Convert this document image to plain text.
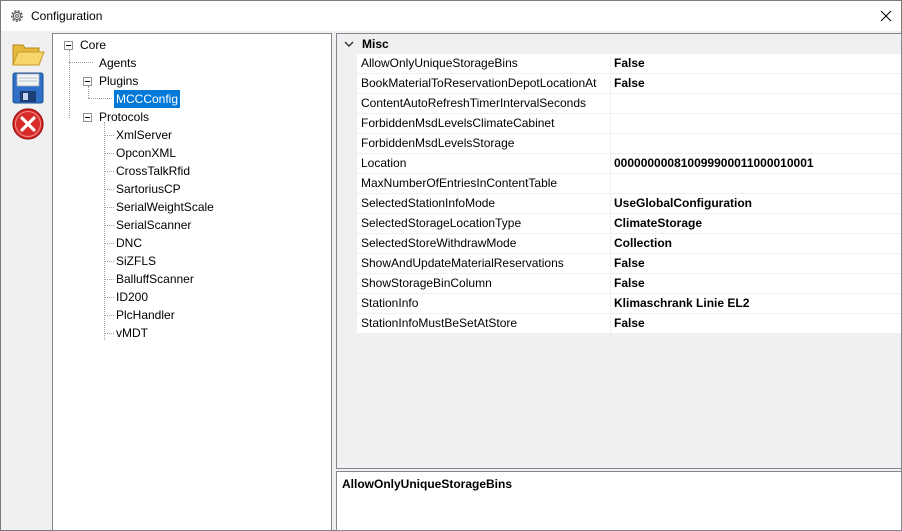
Configuration
Core
Agents
Plugins
MCCConfig
Protocols
XmlServer
OpconXML
CrossTalkRfid
SartoriusCP
SerialWeightScale
SerialScanner
DNC
SiZFLS
BalluffScanner
ID200
PlcHandler
vMDT
Misc
AllowOnlyUniqueStorageBins	False
BookMaterialToReservationDepotLocationAt	False
ContentAutoRefreshTimerIntervalSeconds
ForbiddenMsdLevelsClimateCabinet
ForbiddenMsdLevelsStorage
Location	000000000810099900011000010001
MaxNumberOfEntriesInContentTable
SelectedStationInfoMode	UseGlobalConfiguration
SelectedStorageLocationType	ClimateStorage
SelectedStoreWithdrawMode	Collection
ShowAndUpdateMaterialReservations	False
ShowStorageBinColumn	False
StationInfo	Klimaschrank Linie EL2
StationInfoMustBeSetAtStore	False
AllowOnlyUniqueStorageBins
